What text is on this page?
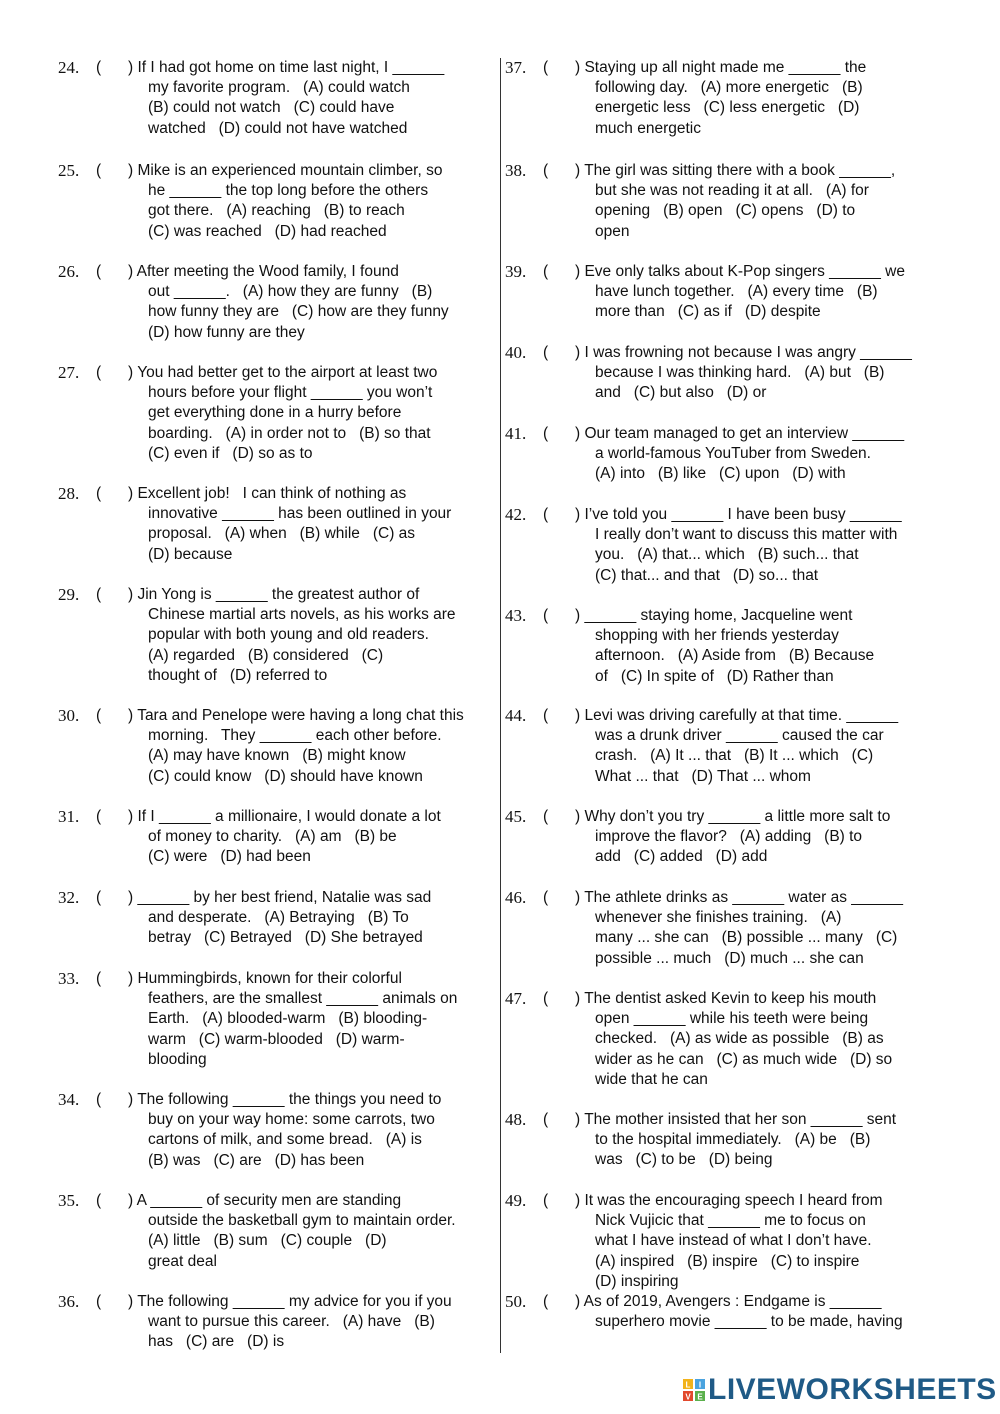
24.	(	) If I had got home on time last night, I ______
my favorite program.   (A) could watch
(B) could not watch   (C) could have
watched   (D) could not have watched
25.	(	) Mike is an experienced mountain climber, so
he ______ the top long before the others
got there.   (A) reaching   (B) to reach
(C) was reached   (D) had reached
26.	(	) After meeting the Wood family, I found
out ______.   (A) how they are funny   (B)
how funny they are   (C) how are they funny
(D) how funny are they
27.	(	) You had better get to the airport at least two
hours before your flight ______ you won’t
get everything done in a hurry before
boarding.   (A) in order not to   (B) so that
(C) even if   (D) so as to
28.	(	) Excellent job!   I can think of nothing as
innovative ______ has been outlined in your
proposal.   (A) when   (B) while   (C) as
(D) because
29.	(	) Jin Yong is ______ the greatest author of
Chinese martial arts novels, as his works are
popular with both young and old readers.
(A) regarded   (B) considered   (C)
thought of   (D) referred to
30.	(	) Tara and Penelope were having a long chat this
morning.   They ______ each other before.
(A) may have known   (B) might know
(C) could know   (D) should have known
31.	(	) If I ______ a millionaire, I would donate a lot
of money to charity.   (A) am   (B) be
(C) were   (D) had been
32.	(	) ______ by her best friend, Natalie was sad
and desperate.   (A) Betraying   (B) To
betray   (C) Betrayed   (D) She betrayed
33.	(	) Hummingbirds, known for their colorful
feathers, are the smallest ______ animals on
Earth.   (A) blooded-warm   (B) blooding-
warm   (C) warm-blooded   (D) warm-
blooding
34.	(	) The following ______ the things you need to
buy on your way home: some carrots, two
cartons of milk, and some bread.   (A) is
(B) was   (C) are   (D) has been
35.	(	) A ______ of security men are standing
outside the basketball gym to maintain order.
(A) little   (B) sum   (C) couple   (D)
great deal
36.	(	) The following ______ my advice for you if you
want to pursue this career.   (A) have   (B)
has   (C) are   (D) is
37.	(	) Staying up all night made me ______ the
following day.   (A) more energetic   (B)
energetic less   (C) less energetic   (D)
much energetic
38.	(	) The girl was sitting there with a book ______,
but she was not reading it at all.   (A) for
opening   (B) open   (C) opens   (D) to
open
39.	(	) Eve only talks about K-Pop singers ______ we
have lunch together.   (A) every time   (B)
more than   (C) as if   (D) despite
40.	(	) I was frowning not because I was angry ______
because I was thinking hard.   (A) but   (B)
and   (C) but also   (D) or
41.	(	) Our team managed to get an interview ______
a world-famous YouTuber from Sweden.
(A) into   (B) like   (C) upon   (D) with
42.	(	) I’ve told you ______ I have been busy ______
I really don’t want to discuss this matter with
you.   (A) that... which   (B) such... that
(C) that... and that   (D) so... that
43.	(	) ______ staying home, Jacqueline went
shopping with her friends yesterday
afternoon.   (A) Aside from   (B) Because
of   (C) In spite of   (D) Rather than
44.	(	) Levi was driving carefully at that time. ______
was a drunk driver ______ caused the car
crash.   (A) It ... that   (B) It ... which   (C)
What ... that   (D) That ... whom
45.	(	) Why don’t you try ______ a little more salt to
improve the flavor?   (A) adding   (B) to
add   (C) added   (D) add
46.	(	) The athlete drinks as ______ water as ______
whenever she finishes training.   (A)
many ... she can   (B) possible ... many   (C)
possible ... much   (D) much ... she can
47.	(	) The dentist asked Kevin to keep his mouth
open ______ while his teeth were being
checked.   (A) as wide as possible   (B) as
wider as he can   (C) as much wide   (D) so
wide that he can
48.	(	) The mother insisted that her son ______ sent
to the hospital immediately.   (A) be   (B)
was   (C) to be   (D) being
49.	(	) It was the encouraging speech I heard from
Nick Vujicic that ______ me to focus on
what I have instead of what I don’t have.
(A) inspired   (B) inspire   (C) to inspire
(D) inspiring
50.	(	) As of 2019, Avengers : Endgame is ______
superhero movie ______ to be made, having
L I
V E LIVEWORKSHEETS
